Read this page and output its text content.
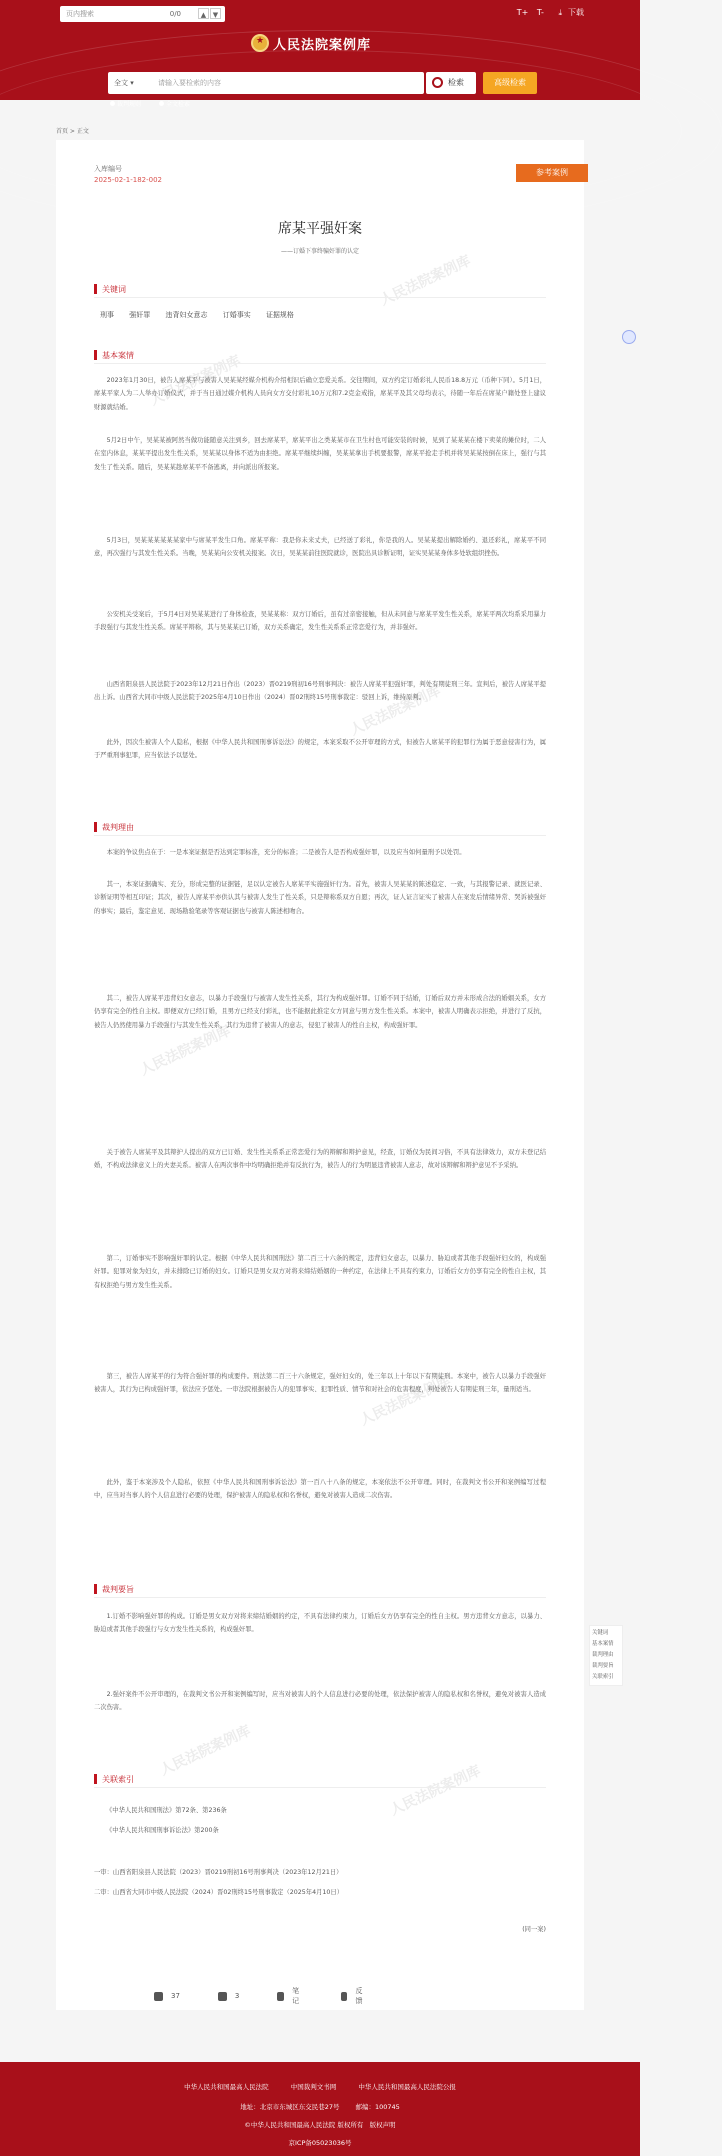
页内搜索	0/0	▲ ▼	T+ T- ⤓ 下载
★
人民法院案例库
全文 ▾	请输入要检索的内容	检索	高级检索
裁判规则	全文检索
首页 > 正文
人民法院案例库
人民法院案例库
人民法院案例库
人民法院案例库
人民法院案例库
人民法院案例库
人民法院案例库
入库编号
2025-02-1-182-002
参考案例
席某平强奸案
——订婚下事终骗奸罪的认定
关键词
刑事 强奸罪 违背妇女意志 订婚事实 证据规格
基本案情
2023年1月30日，被告人席某平与被害人吴某某经媒介机构介绍相识后确立恋爱关系。交往期间，双方约定订婚彩礼人民币18.8万元（币种下同）。5月1日，席某平家人为二人举办订婚仪式，并于当日通过媒介机构人员向女方交付彩礼10万元和7.2克金戒指，席某平及其父母均表示，待随一年后在席某户籍处登上建议财源就结婚。
5月2日中午，吴某某被阿然当做功能随意关注到乡，回去席某平，席某平出之类某某市在卫生村也可能安装的时候，见到了某某某在楼下卖菜的摊位时，二人在室内休息，某某平提出发生性关系，吴某某以身体不适为由拒绝。席某平继续纠缠，吴某某拿出手机要报警，席某平抢走手机并将吴某某按倒在床上，强行与其发生了性关系。随后，吴某某趁席某平不备逃离，并向派出所报案。
5月3日，吴某某某某某某家中与席某平发生口角。席某平称：我是你未来丈夫，已经送了彩礼，你是我的人。吴某某提出解除婚约、退还彩礼，席某平不同意，再次强行与其发生性关系。当晚，吴某某向公安机关报案。次日，吴某某前往医院就诊，医院出具诊断证明，证实吴某某身体多处软组织挫伤。
公安机关受案后，于5月4日对吴某某进行了身体检查，吴某某称：双方订婚后，虽有过亲密接触，但从未同意与席某平发生性关系，席某平两次均系采用暴力手段强行与其发生性关系。席某平辩称，其与吴某某已订婚，双方关系确定，发生性关系系正常恋爱行为，并非强奸。
山西省阳泉县人民法院于2023年12月21日作出（2023）晋0219刑初16号刑事判决：被告人席某平犯强奸罪，判处有期徒刑三年。宣判后，被告人席某平提出上诉。山西省大同市中级人民法院于2025年4月10日作出（2024）晋02刑终15号刑事裁定：驳回上诉，维持原判。
此外，因次生被害人个人隐私，根据《中华人民共和国刑事诉讼法》的规定，本案采取不公开审理的方式，但被告人席某平的犯罪行为属于恶意侵害行为，属于严重刑事犯罪，应当依法予以惩处。
裁判理由
本案的争议焦点在于：一是本案证据是否达到定罪标准，充分的标准；二是被告人是否构成强奸罪，以及应当如何量刑予以处罚。
其一，本案证据确实、充分，形成完整的证据链，足以认定被告人席某平实施强奸行为。首先，被害人吴某某的陈述稳定、一致，与其报警记录、就医记录、诊断证明等相互印证；其次，被告人席某平亦供认其与被害人发生了性关系，只是辩称系双方自愿；再次，证人证言证实了被害人在案发后情绪异常、哭诉被强奸的事实；最后，鉴定意见、现场勘验笔录等客观证据也与被害人陈述相吻合。
其二，被告人席某平违背妇女意志，以暴力手段强行与被害人发生性关系，其行为构成强奸罪。订婚不同于结婚，订婚后双方并未形成合法的婚姻关系，女方仍享有完全的性自主权。即便双方已经订婚，且男方已经支付彩礼，也不能据此推定女方同意与男方发生性关系。本案中，被害人明确表示拒绝，并进行了反抗，被告人仍然使用暴力手段强行与其发生性关系，其行为违背了被害人的意志，侵犯了被害人的性自主权，构成强奸罪。
关于被告人席某平及其辩护人提出的双方已订婚、发生性关系系正常恋爱行为的辩解和辩护意见，经查，订婚仅为民间习俗，不具有法律效力，双方未登记结婚，不构成法律意义上的夫妻关系。被害人在两次事件中均明确拒绝并有反抗行为，被告人的行为明显违背被害人意志，故对该辩解和辩护意见不予采纳。
第二，订婚事实不影响强奸罪的认定。根据《中华人民共和国刑法》第二百三十六条的规定，违背妇女意志，以暴力、胁迫或者其他手段强奸妇女的，构成强奸罪。犯罪对象为妇女，并未排除已订婚的妇女。订婚只是男女双方对将来缔结婚姻的一种约定，在法律上不具有约束力，订婚后女方仍享有完全的性自主权，其有权拒绝与男方发生性关系。
第三，被告人席某平的行为符合强奸罪的构成要件。刑法第二百三十六条规定，强奸妇女的，处三年以上十年以下有期徒刑。本案中，被告人以暴力手段强奸被害人，其行为已构成强奸罪，依法应予惩处。一审法院根据被告人的犯罪事实、犯罪性质、情节和对社会的危害程度，判处被告人有期徒刑三年，量刑适当。
此外，鉴于本案涉及个人隐私，依照《中华人民共和国刑事诉讼法》第一百八十八条的规定，本案依法不公开审理。同时，在裁判文书公开和案例编写过程中，应当对当事人的个人信息进行必要的处理，保护被害人的隐私权和名誉权，避免对被害人造成二次伤害。
裁判要旨
1.订婚不影响强奸罪的构成。订婚是男女双方对将来缔结婚姻的约定，不具有法律约束力，订婚后女方仍享有完全的性自主权。男方违背女方意志，以暴力、胁迫或者其他手段强行与女方发生性关系的，构成强奸罪。
2.强奸案件不公开审理的，在裁判文书公开和案例编写时，应当对被害人的个人信息进行必要的处理，依法保护被害人的隐私权和名誉权，避免对被害人造成二次伤害。
关联索引
《中华人民共和国刑法》第72条、第236条
《中华人民共和国刑事诉讼法》第200条
一审：山西省阳泉县人民法院（2023）晋0219刑初16号刑事判决（2023年12月21日）
二审：山西省大同市中级人民法院（2024）晋02刑终15号刑事裁定（2025年4月10日）
(同一案)
37	3
笔记
反馈
关键词
基本案情
裁判理由
裁判要旨
关联索引
中华人民共和国最高人民法院	中国裁判文书网	中华人民共和国最高人民法院公报
地址：北京市东城区东交民巷27号 邮编：100745
©中华人民共和国最高人民法院 版权所有 版权声明
京ICP备05023036号
